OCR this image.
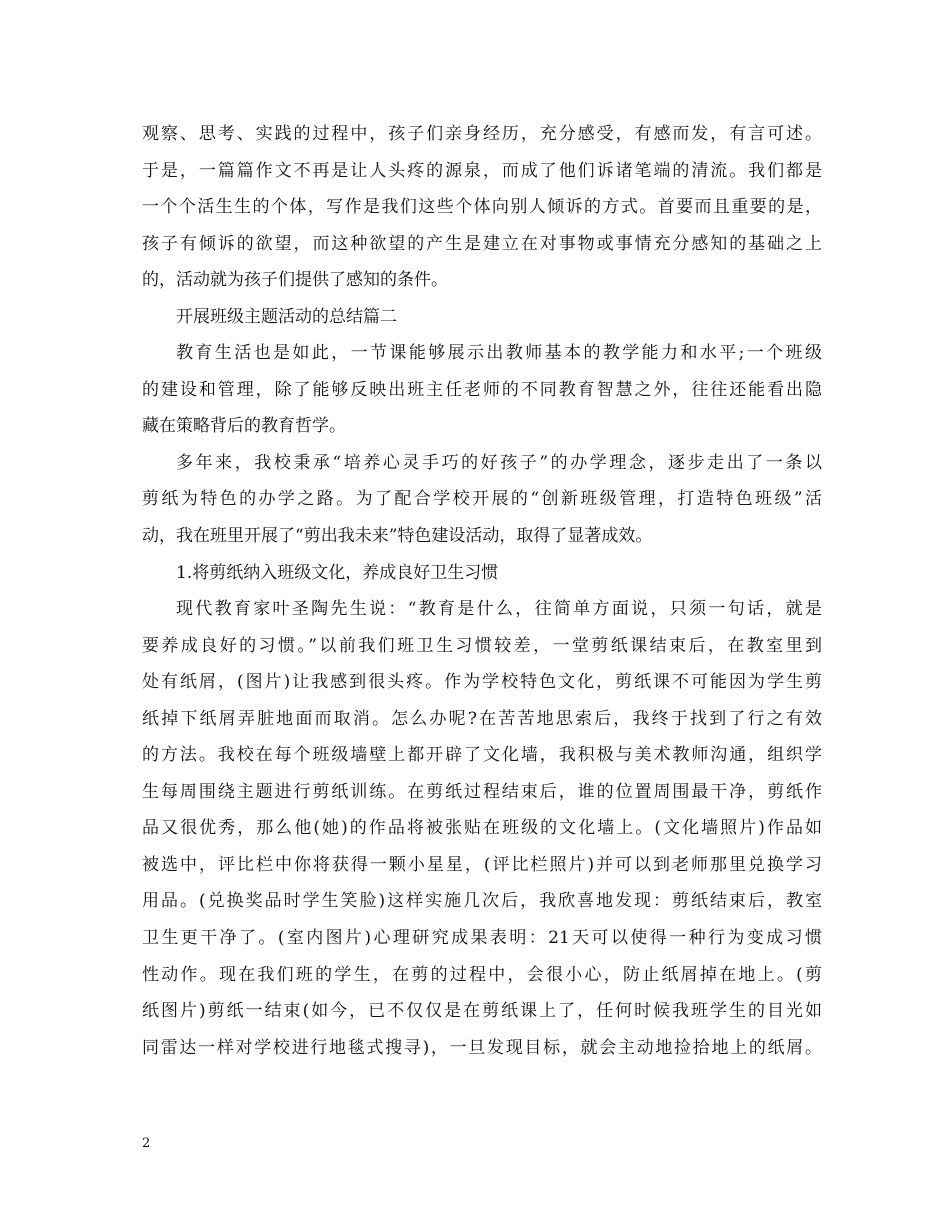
观察、思考、实践的过程中，孩子们亲身经历，充分感受，有感而发，有言可述。
于是，一篇篇作文不再是让人头疼的源泉，而成了他们诉诸笔端的清流。我们都是
一个个活生生的个体，写作是我们这些个体向别人倾诉的方式。首要而且重要的是，
孩子有倾诉的欲望，而这种欲望的产生是建立在对事物或事情充分感知的基础之上
的，活动就为孩子们提供了感知的条件。
开展班级主题活动的总结篇二
教育生活也是如此，一节课能够展示出教师基本的教学能力和水平;一个班级
的建设和管理，除了能够反映出班主任老师的不同教育智慧之外，往往还能看出隐
藏在策略背后的教育哲学。
多年来，我校秉承“培养心灵手巧的好孩子”的办学理念，逐步走出了一条以
剪纸为特色的办学之路。为了配合学校开展的“创新班级管理，打造特色班级”活
动，我在班里开展了“剪出我未来”特色建设活动，取得了显著成效。
1.将剪纸纳入班级文化，养成良好卫生习惯
现代教育家叶圣陶先生说：“教育是什么，往简单方面说，只须一句话，就是
要养成良好的习惯。”以前我们班卫生习惯较差，一堂剪纸课结束后，在教室里到
处有纸屑，(图片)让我感到很头疼。作为学校特色文化，剪纸课不可能因为学生剪
纸掉下纸屑弄脏地面而取消。怎么办呢?在苦苦地思索后，我终于找到了行之有效
的方法。我校在每个班级墙壁上都开辟了文化墙，我积极与美术教师沟通，组织学
生每周围绕主题进行剪纸训练。在剪纸过程结束后，谁的位置周围最干净，剪纸作
品又很优秀，那么他(她)的作品将被张贴在班级的文化墙上。(文化墙照片)作品如
被选中，评比栏中你将获得一颗小星星，(评比栏照片)并可以到老师那里兑换学习
用品。(兑换奖品时学生笑脸)这样实施几次后，我欣喜地发现：剪纸结束后，教室
卫生更干净了。(室内图片)心理研究成果表明：21天可以使得一种行为变成习惯
性动作。现在我们班的学生，在剪的过程中，会很小心，防止纸屑掉在地上。(剪
纸图片)剪纸一结束(如今，已不仅仅是在剪纸课上了，任何时候我班学生的目光如
同雷达一样对学校进行地毯式搜寻)，一旦发现目标，就会主动地捡拾地上的纸屑。
2
